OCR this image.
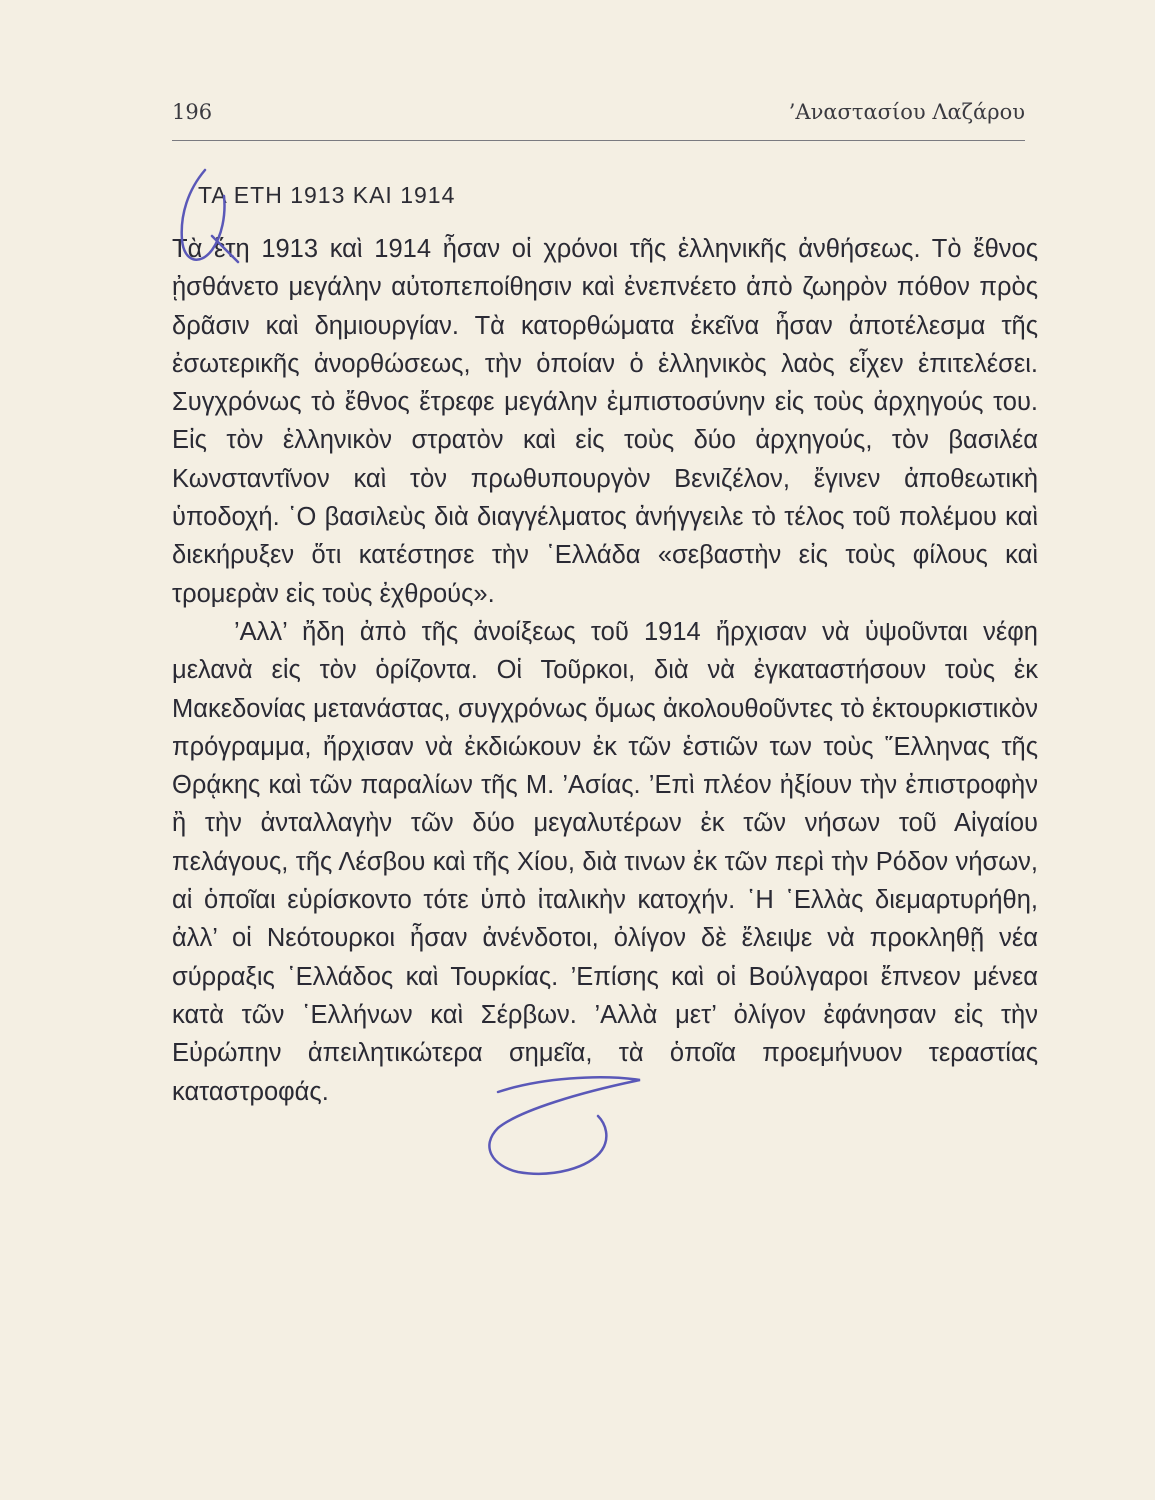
196	’Αναστασίου Λαζάρου
ΤΑ ΕΤΗ 1913 ΚΑΙ 1914

Τὰ ἔτη 1913 καὶ 1914 ἦσαν οἱ χρόνοι τῆς ἑλληνικῆς ἀνθήσεως. Τὸ ἔθνος ᾐσθάνετο μεγάλην αὐτοπεποίθησιν καὶ ἐνεπνέετο ἀπὸ ζωηρὸν πόθον πρὸς δρᾶσιν καὶ δημιουργίαν. Τὰ κατορθώματα ἐκεῖνα ἦσαν ἀποτέλεσμα τῆς ἐσωτερικῆς ἀνορθώσεως, τὴν ὁποίαν ὁ ἑλληνικὸς λαὸς εἶχεν ἐπιτελέσει. Συγχρόνως τὸ ἔθνος ἔτρεφε μεγάλην ἐμπιστοσύνην εἰς τοὺς ἀρχηγούς του. Εἰς τὸν ἑλληνικὸν στρατὸν καὶ εἰς τοὺς δύο ἀρχηγούς, τὸν βασιλέα Κωνσταντῖνον καὶ τὸν πρωθυπουργὸν Βενιζέλον, ἔγινεν ἀποθεωτικὴ ὑποδοχή. ῾Ο βασιλεὺς διὰ διαγγέλματος ἀνήγγειλε τὸ τέλος τοῦ πολέμου καὶ διεκήρυξεν ὅτι κατέστησε τὴν ῾Ελλάδα «σεβαστὴν εἰς τοὺς φίλους καὶ τρομερὰν εἰς τοὺς ἐχθρούς».

’Αλλ’ ἤδη ἀπὸ τῆς ἀνοίξεως τοῦ 1914 ἤρχισαν νὰ ὑψοῦνται νέφη μελανὰ εἰς τὸν ὁρίζοντα. Οἱ Τοῦρκοι, διὰ νὰ ἐγκαταστήσουν τοὺς ἐκ Μακεδονίας μετανάστας, συγχρόνως ὅμως ἀκολουθοῦντες τὸ ἐκτουρκιστικὸν πρόγραμμα, ἤρχισαν νὰ ἐκδιώκουν ἐκ τῶν ἑστιῶν των τοὺς ῞Ελληνας τῆς Θρᾴκης καὶ τῶν παραλίων τῆς Μ. ’Ασίας. ’Επὶ πλέον ἠξίουν τὴν ἐπιστροφὴν ἢ τὴν ἀνταλλαγὴν τῶν δύο μεγαλυτέρων ἐκ τῶν νήσων τοῦ Αἰγαίου πελάγους, τῆς Λέσβου καὶ τῆς Χίου, διὰ τινων ἐκ τῶν περὶ τὴν Ρόδον νήσων, αἱ ὁποῖαι εὑρίσκοντο τότε ὑπὸ ἰταλικὴν κατοχήν. ῾Η ῾Ελλὰς διεμαρτυρήθη, ἀλλ’ οἱ Νεότουρκοι ἦσαν ἀνένδοτοι, ὀλίγον δὲ ἔλειψε νὰ προκληθῇ νέα σύρραξις ῾Ελλάδος καὶ Τουρκίας. ’Επίσης καὶ οἱ Βούλγαροι ἔπνεον μένεα κατὰ τῶν ῾Ελλήνων καὶ Σέρβων. ’Αλλὰ μετ’ ὀλίγον ἐφάνησαν εἰς τὴν Εὐρώπην ἀπειλητικώτερα σημεῖα, τὰ ὁποῖα προεμήνυον τεραστίας καταστροφάς.
